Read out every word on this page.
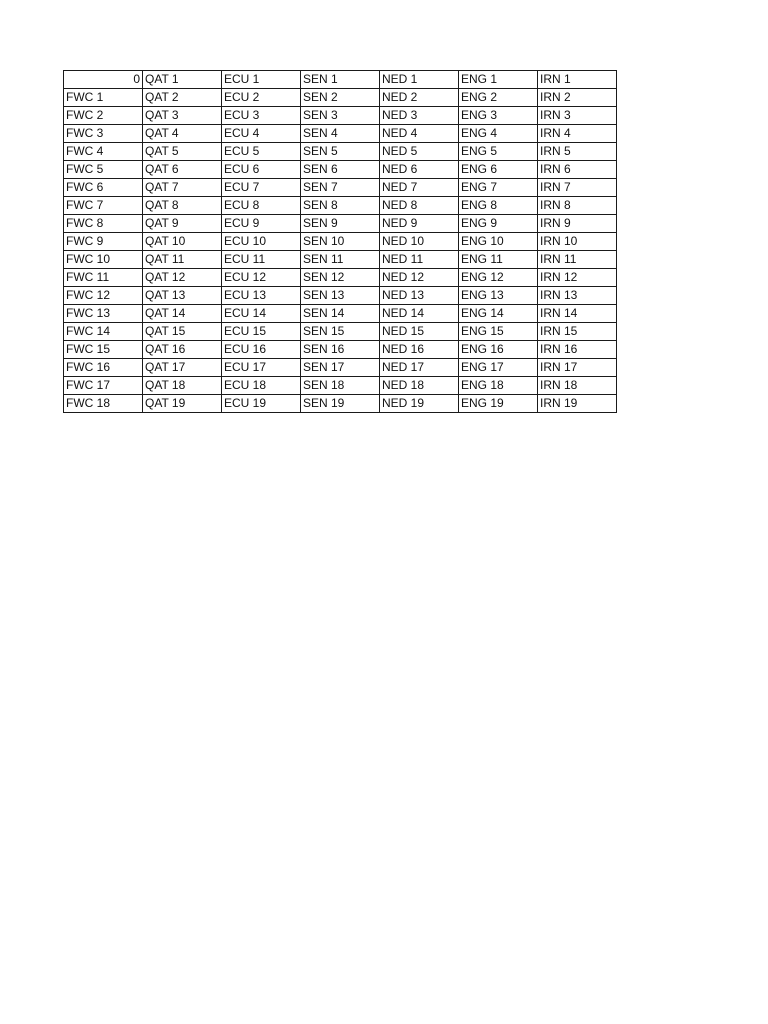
0	QAT 1	ECU 1	SEN 1	NED 1	ENG 1	IRN 1
FWC 1	QAT 2	ECU 2	SEN 2	NED 2	ENG 2	IRN 2
FWC 2	QAT 3	ECU 3	SEN 3	NED 3	ENG 3	IRN 3
FWC 3	QAT 4	ECU 4	SEN 4	NED 4	ENG 4	IRN 4
FWC 4	QAT 5	ECU 5	SEN 5	NED 5	ENG 5	IRN 5
FWC 5	QAT 6	ECU 6	SEN 6	NED 6	ENG 6	IRN 6
FWC 6	QAT 7	ECU 7	SEN 7	NED 7	ENG 7	IRN 7
FWC 7	QAT 8	ECU 8	SEN 8	NED 8	ENG 8	IRN 8
FWC 8	QAT 9	ECU 9	SEN 9	NED 9	ENG 9	IRN 9
FWC 9	QAT 10	ECU 10	SEN 10	NED 10	ENG 10	IRN 10
FWC 10	QAT 11	ECU 11	SEN 11	NED 11	ENG 11	IRN 11
FWC 11	QAT 12	ECU 12	SEN 12	NED 12	ENG 12	IRN 12
FWC 12	QAT 13	ECU 13	SEN 13	NED 13	ENG 13	IRN 13
FWC 13	QAT 14	ECU 14	SEN 14	NED 14	ENG 14	IRN 14
FWC 14	QAT 15	ECU 15	SEN 15	NED 15	ENG 15	IRN 15
FWC 15	QAT 16	ECU 16	SEN 16	NED 16	ENG 16	IRN 16
FWC 16	QAT 17	ECU 17	SEN 17	NED 17	ENG 17	IRN 17
FWC 17	QAT 18	ECU 18	SEN 18	NED 18	ENG 18	IRN 18
FWC 18	QAT 19	ECU 19	SEN 19	NED 19	ENG 19	IRN 19
